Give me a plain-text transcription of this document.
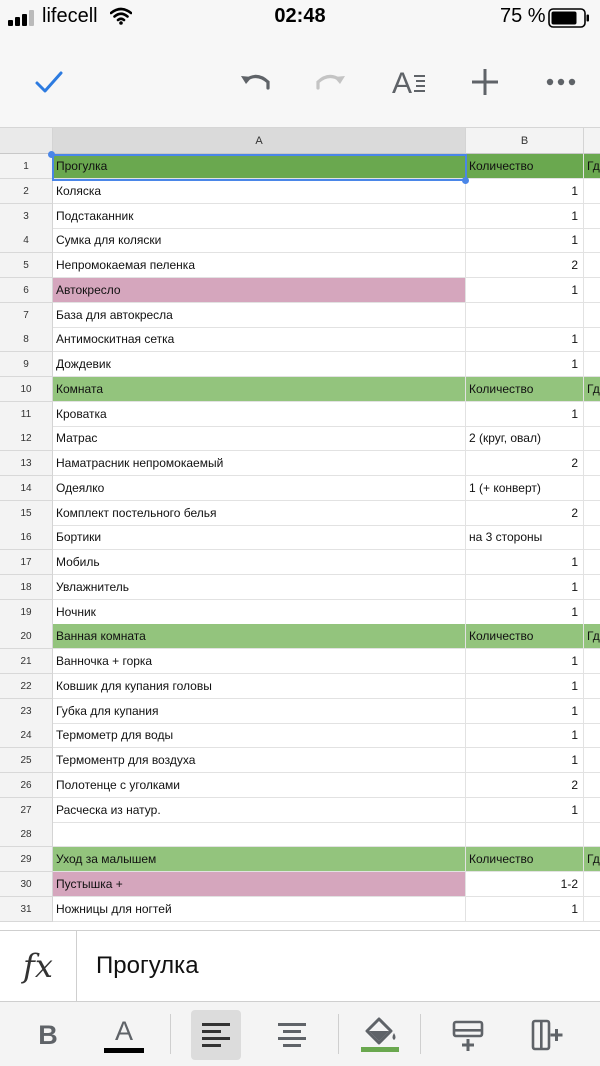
lifecell	02:48	75 %
A
A	B
1	Прогулка	Количество	Гд
2	Коляска	1
3	Подстаканник	1
4	Сумка для коляски	1
5	Непромокаемая пеленка	2
6	Автокресло	1
7	База для автокресла
8	Антимоскитная сетка	1
9	Дождевик	1
10	Комната	Количество	Гд
11	Кроватка	1
12	Матрас	2 (круг, овал)
13	Наматрасник непромокаемый	2
14	Одеялко	1 (+ конверт)
15	Комплект постельного белья	2
16	Бортики	на 3 стороны
17	Мобиль	1
18	Увлажнитель	1
19	Ночник	1
20	Ванная комната	Количество	Гд
21	Ванночка + горка	1
22	Ковшик для купания головы	1
23	Губка для купания	1
24	Термометр для воды	1
25	Термоментр для воздуха	1
26	Полотенце с уголками	2
27	Расческа из натур.	1
28
29	Уход за малышем	Количество	Гд
30	Пустышка +	1-2
31	Ножницы для ногтей	1
fx	Прогулка
B A
